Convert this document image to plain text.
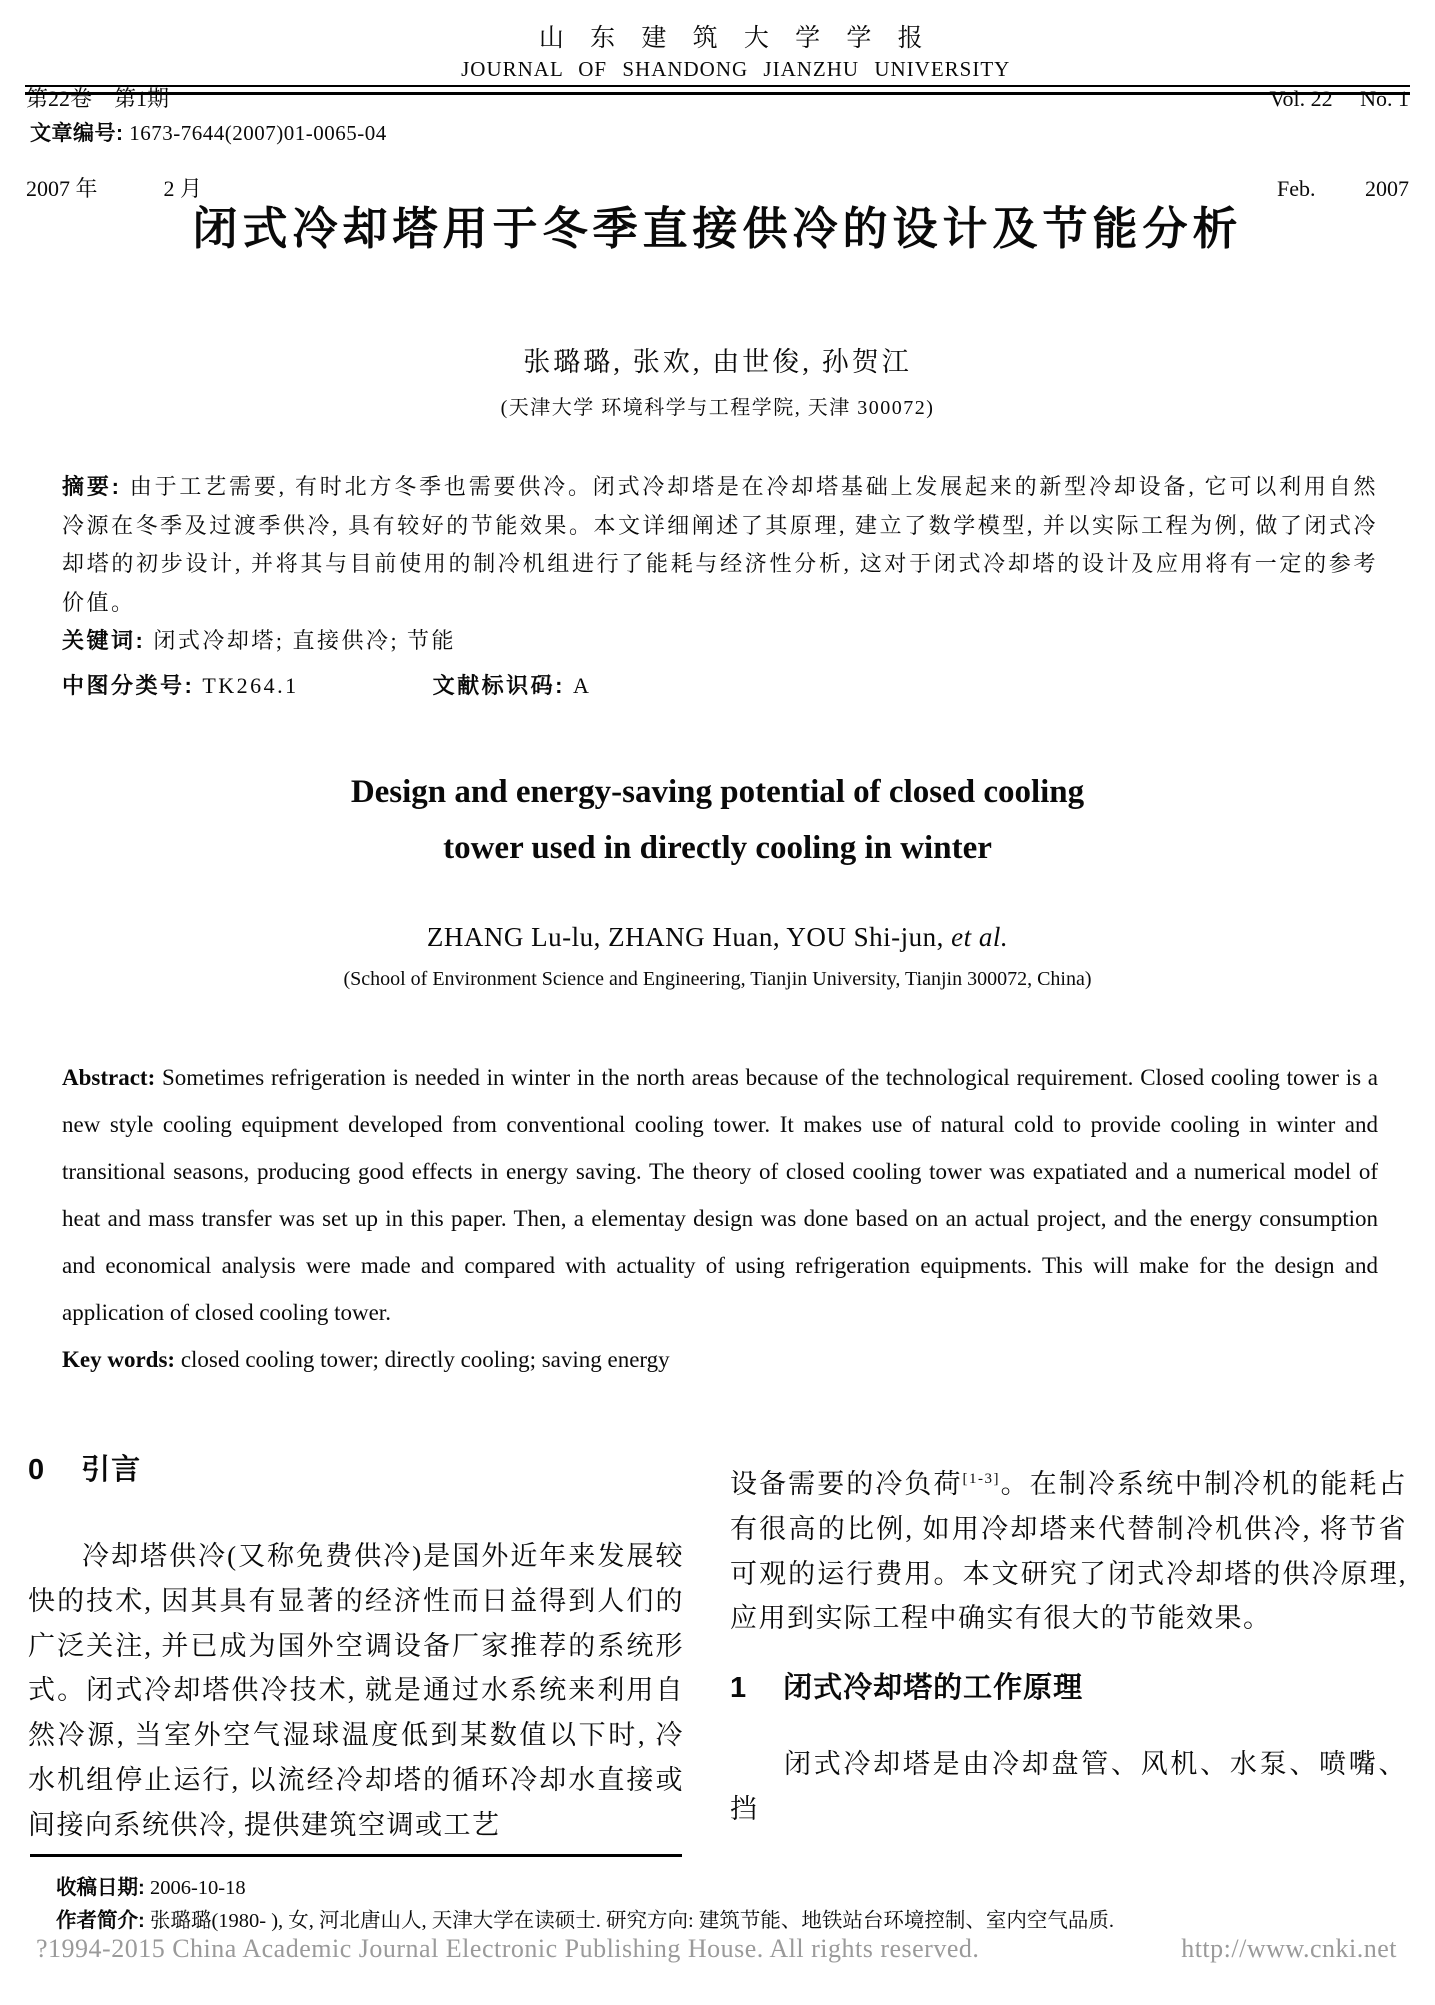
第22卷　第1期

2007 年　　　2 月

山 东 建 筑 大 学 学 报
JOURNAL OF SHANDONG JIANZHU UNIVERSITY

Vol. 22　 No. 1

Feb.　　 2007

文章编号: 1673-7644(2007)01-0065-04
闭式冷却塔用于冬季直接供冷的设计及节能分析
张璐璐, 张欢, 由世俊, 孙贺江
(天津大学 环境科学与工程学院, 天津 300072)

摘要: 由于工艺需要, 有时北方冬季也需要供冷。闭式冷却塔是在冷却塔基础上发展起来的新型冷却设备, 它可以利用自然冷源在冬季及过渡季供冷, 具有较好的节能效果。本文详细阐述了其原理, 建立了数学模型, 并以实际工程为例, 做了闭式冷却塔的初步设计, 并将其与目前使用的制冷机组进行了能耗与经济性分析, 这对于闭式冷却塔的设计及应用将有一定的参考价值。

关键词: 闭式冷却塔; 直接供冷; 节能

中图分类号: TK264.1	文献标识码: A

Design and energy-saving potential of closed cooling
tower used in directly cooling in winter
ZHANG Lu-lu, ZHANG Huan, YOU Shi-jun, et al.
(School of Environment Science and Engineering, Tianjin University, Tianjin 300072, China)

Abstract: Sometimes refrigeration is needed in winter in the north areas because of the technological requirement. Closed cooling tower is a new style cooling equipment developed from conventional cooling tower. It makes use of natural cold to provide cooling in winter and transitional seasons, producing good effects in energy saving. The theory of closed cooling tower was expatiated and a numerical model of heat and mass transfer was set up in this paper. Then, a elementay design was done based on an actual project, and the energy consumption and economical analysis were made and compared with actuality of using refrigeration equipments. This will make for the design and application of closed cooling tower.

Key words: closed cooling tower; directly cooling; saving energy

0 引言

冷却塔供冷(又称免费供冷)是国外近年来发展较快的技术, 因其具有显著的经济性而日益得到人们的广泛关注, 并已成为国外空调设备厂家推荐的系统形式。闭式冷却塔供冷技术, 就是通过水系统来利用自然冷源, 当室外空气湿球温度低到某数值以下时, 冷水机组停止运行, 以流经冷却塔的循环冷却水直接或间接向系统供冷, 提供建筑空调或工艺

设备需要的冷负荷[1-3]。在制冷系统中制冷机的能耗占有很高的比例, 如用冷却塔来代替制冷机供冷, 将节省可观的运行费用。本文研究了闭式冷却塔的供冷原理, 应用到实际工程中确实有很大的节能效果。

1 闭式冷却塔的工作原理

闭式冷却塔是由冷却盘管、风机、水泵、喷嘴、挡

收稿日期: 2006-10-18
作者简介: 张璐璐(1980- ), 女, 河北唐山人, 天津大学在读硕士. 研究方向: 建筑节能、地铁站台环境控制、室内空气品质.
?1994-2015 China Academic Journal Electronic Publishing House. All rights reserved.	http://www.cnki.net
